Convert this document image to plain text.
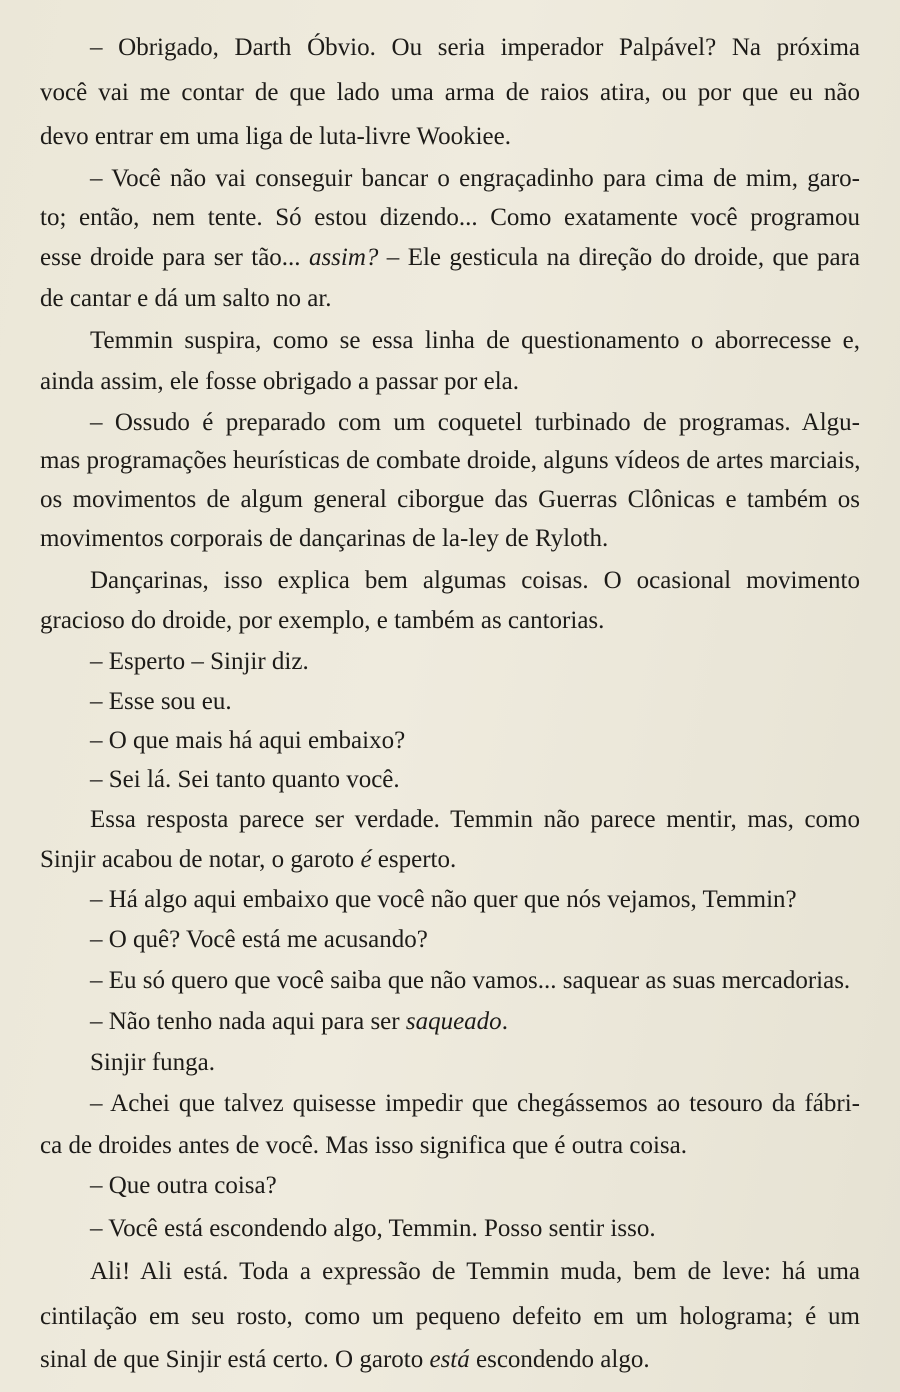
– Obrigado, Darth Óbvio. Ou seria imperador Palpável? Na próxima

você vai me contar de que lado uma arma de raios atira, ou por que eu não

devo entrar em uma liga de luta-livre Wookiee.

– Você não vai conseguir bancar o engraçadinho para cima de mim, garo-

to; então, nem tente. Só estou dizendo... Como exatamente você programou

esse droide para ser tão... assim? – Ele gesticula na direção do droide, que para

de cantar e dá um salto no ar.

Temmin suspira, como se essa linha de questionamento o aborrecesse e,

ainda assim, ele fosse obrigado a passar por ela.

– Ossudo é preparado com um coquetel turbinado de programas. Algu-

mas programações heurísticas de combate droide, alguns vídeos de artes marciais,

os movimentos de algum general ciborgue das Guerras Clônicas e também os

movimentos corporais de dançarinas de la-ley de Ryloth.

Dançarinas, isso explica bem algumas coisas. O ocasional movimento

gracioso do droide, por exemplo, e também as cantorias.

– Esperto – Sinjir diz.

– Esse sou eu.

– O que mais há aqui embaixo?

– Sei lá. Sei tanto quanto você.

Essa resposta parece ser verdade. Temmin não parece mentir, mas, como

Sinjir acabou de notar, o garoto é esperto.

– Há algo aqui embaixo que você não quer que nós vejamos, Temmin?

– O quê? Você está me acusando?

– Eu só quero que você saiba que não vamos... saquear as suas mercadorias.

– Não tenho nada aqui para ser saqueado.

Sinjir funga.

– Achei que talvez quisesse impedir que chegássemos ao tesouro da fábri-

ca de droides antes de você. Mas isso significa que é outra coisa.

– Que outra coisa?

– Você está escondendo algo, Temmin. Posso sentir isso.

Ali! Ali está. Toda a expressão de Temmin muda, bem de leve: há uma

cintilação em seu rosto, como um pequeno defeito em um holograma; é um

sinal de que Sinjir está certo. O garoto está escondendo algo.
